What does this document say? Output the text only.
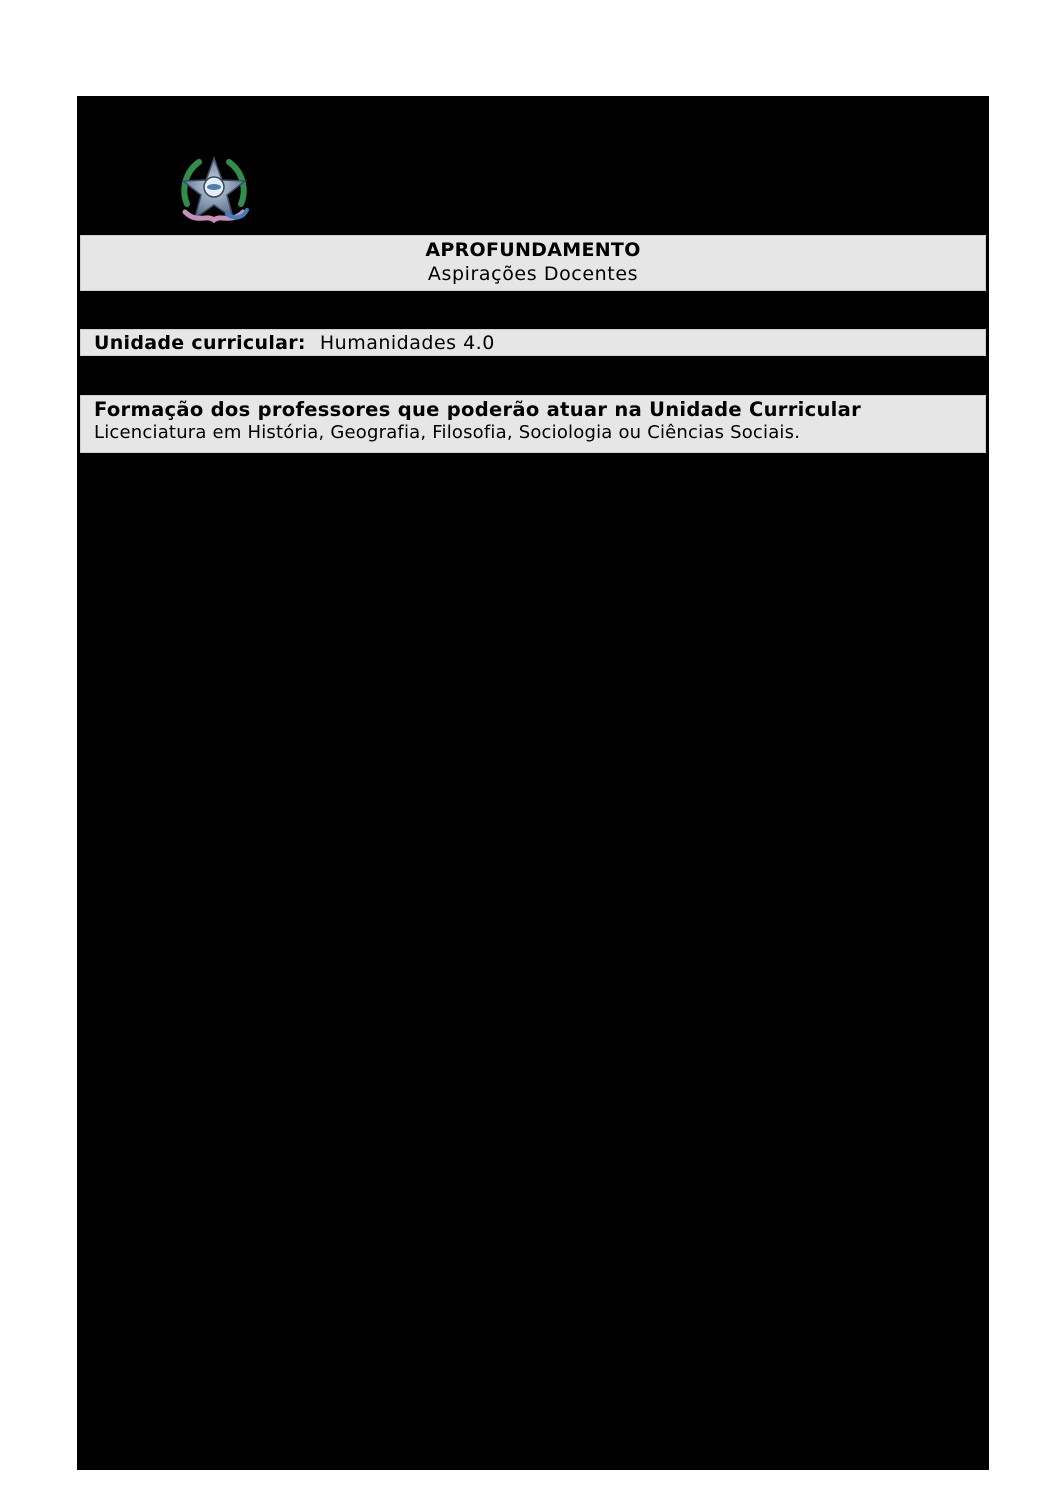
APROFUNDAMENTO
Aspirações Docentes
Unidade curricular: Humanidades 4.0
Formação dos professores que poderão atuar na Unidade Curricular
Licenciatura em História, Geografia, Filosofia, Sociologia ou Ciências Sociais.
